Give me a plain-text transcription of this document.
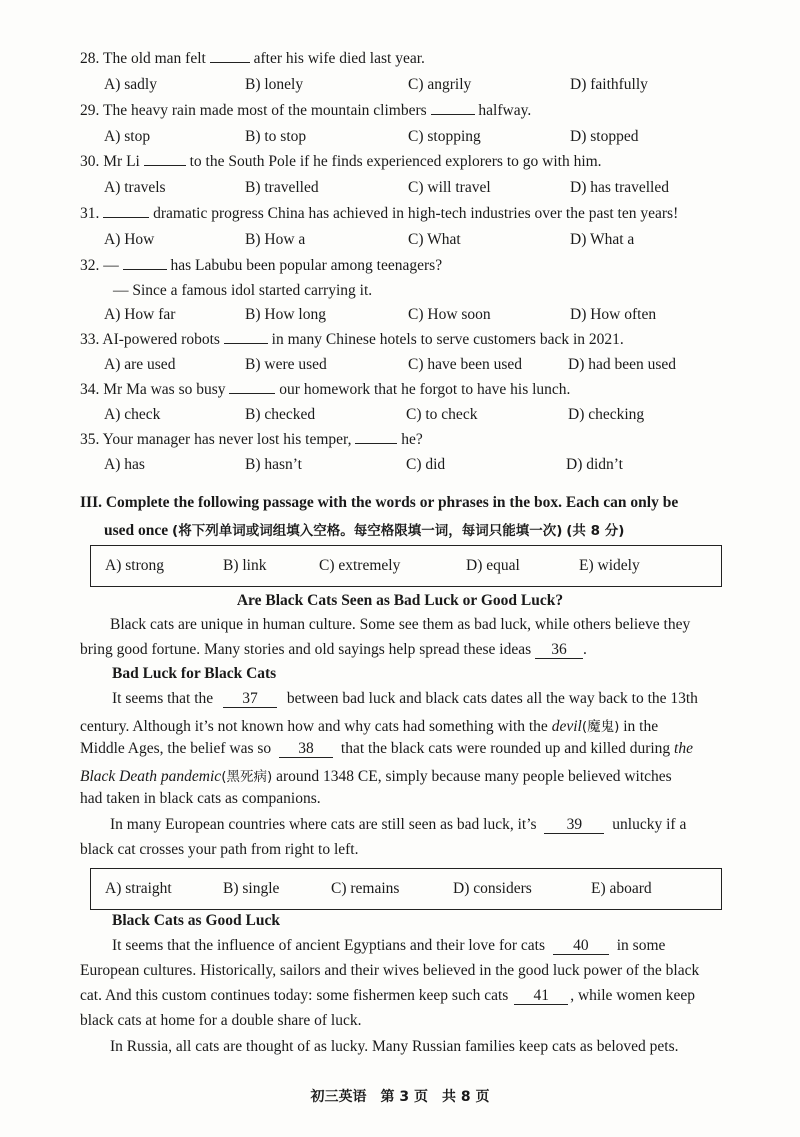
28. The old man felt	after his wife died last year.
A) sadly	B) lonely	C) angrily	D) faithfully
29. The heavy rain made most of the mountain climbers	halfway.
A) stop	B) to stop	C) stopping	D) stopped
30. Mr Li	to the South Pole if he finds experienced explorers to go with him.
A) travels	B) travelled	C) will travel	D) has travelled
31.	dramatic progress China has achieved in high-tech industries over the past ten years!
A) How	B) How a	C) What	D) What a
32. —	has Labubu been popular among teenagers?
— Since a famous idol started carrying it.
A) How far	B) How long	C) How soon	D) How often
33. AI-powered robots	in many Chinese hotels to serve customers back in 2021.
A) are used	B) were used	C) have been used	D) had been used
34. Mr Ma was so busy	our homework that he forgot to have his lunch.
A) check	B) checked	C) to check	D) checking
35. Your manager has never lost his temper,	he?
A) has	B) hasn’t	C) did	D) didn’t
III. Complete the following passage with the words or phrases in the box. Each can only be
used once (将下列单词或词组填入空格。每空格限填一词，每词只能填一次) (共 8 分)
A) strong	B) link	C) extremely	D) equal	E) widely
Are Black Cats Seen as Bad Luck or Good Luck?
Black cats are unique in human culture. Some see them as bad luck, while others believe they
bring good fortune. Many stories and old sayings help spread these ideas 36 .
Bad Luck for Black Cats
It seems that the 37 between bad luck and black cats dates all the way back to the 13th
century. Although it’s not known how and why cats had something with the devil(魔鬼) in the
Middle Ages, the belief was so 38 that the black cats were rounded up and killed during the
Black Death pandemic(黑死病) around 1348 CE, simply because many people believed witches
had taken in black cats as companions.
In many European countries where cats are still seen as bad luck, it’s 39 unlucky if a
black cat crosses your path from right to left.
A) straight	B) single	C) remains	D) considers	E) aboard
Black Cats as Good Luck
It seems that the influence of ancient Egyptians and their love for cats 40 in some
European cultures. Historically, sailors and their wives believed in the good luck power of the black
cat. And this custom continues today: some fishermen keep such cats 41 , while women keep
black cats at home for a double share of luck.
In Russia, all cats are thought of as lucky. Many Russian families keep cats as beloved pets.
初三英语　第 3 页　共 8 页
